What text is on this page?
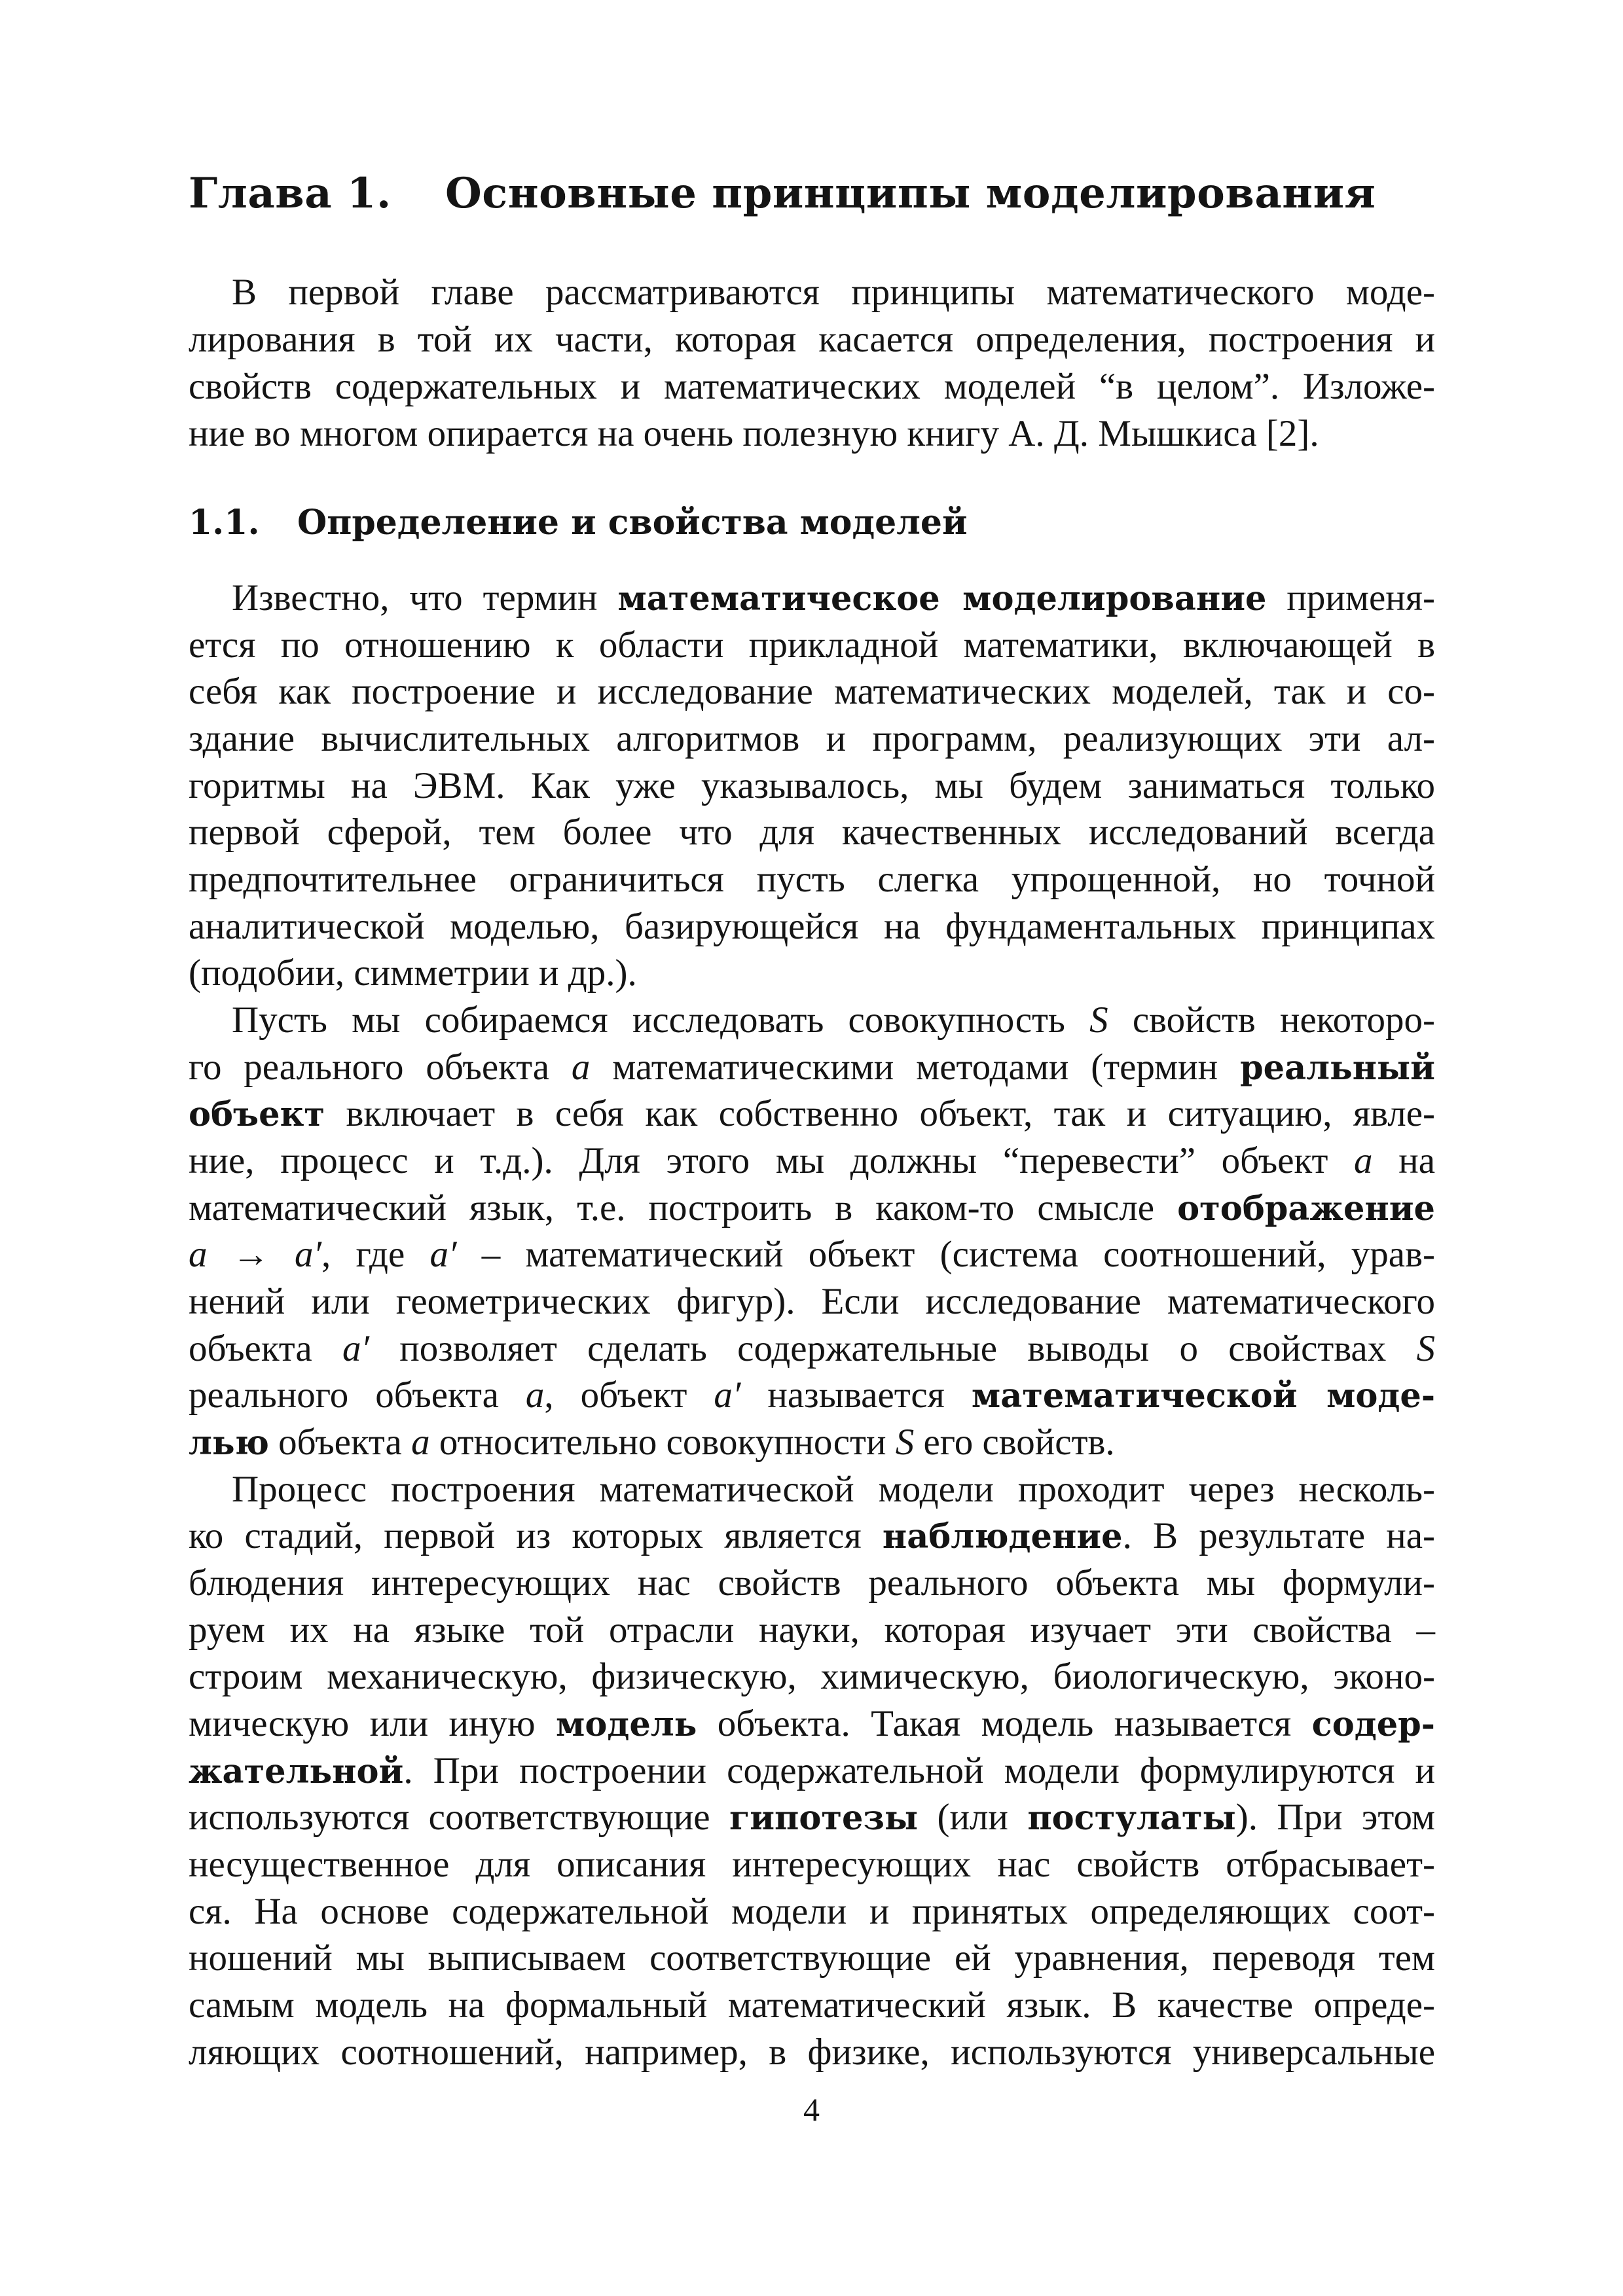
Глава 1. Основные принципы моделирования
В первой главе рассматриваются принципы математического моде-
лирования в той их части, которая касается определения, построения и
свойств содержательных и математических моделей “в целом”. Изложе-
ние во многом опирается на очень полезную книгу А. Д. Мышкиса [2].
1.1. Определение и свойства моделей
Известно, что термин математическое моделирование применя-
ется по отношению к области прикладной математики, включающей в
себя как построение и исследование математических моделей, так и со-
здание вычислительных алгоритмов и программ, реализующих эти ал-
горитмы на ЭВМ. Как уже указывалось, мы будем заниматься только
первой сферой, тем более что для качественных исследований всегда
предпочтительнее ограничиться пусть слегка упрощенной, но точной
аналитической моделью, базирующейся на фундаментальных принципах
(подобии, симметрии и др.).
Пусть мы собираемся исследовать совокупность S свойств некоторо-
го реального объекта a математическими методами (термин реальный
объект включает в себя как собственно объект, так и ситуацию, явле-
ние, процесс и т.д.). Для этого мы должны “перевести” объект a на
математический язык, т.е. построить в каком-то смысле отображение
a → a′, где a′ – математический объект (система соотношений, урав-
нений или геометрических фигур). Если исследование математического
объекта a′ позволяет сделать содержательные выводы о свойствах S
реального объекта a, объект a′ называется математической моде-
лью объекта a относительно совокупности S его свойств.
Процесс построения математической модели проходит через несколь-
ко стадий, первой из которых является наблюдение. В результате на-
блюдения интересующих нас свойств реального объекта мы формули-
руем их на языке той отрасли науки, которая изучает эти свойства –
строим механическую, физическую, химическую, биологическую, эконо-
мическую или иную модель объекта. Такая модель называется содер-
жательной. При построении содержательной модели формулируются и
используются соответствующие гипотезы (или постулаты). При этом
несущественное для описания интересующих нас свойств отбрасывает-
ся. На основе содержательной модели и принятых определяющих соот-
ношений мы выписываем соответствующие ей уравнения, переводя тем
самым модель на формальный математический язык. В качестве опреде-
ляющих соотношений, например, в физике, используются универсальные
4
